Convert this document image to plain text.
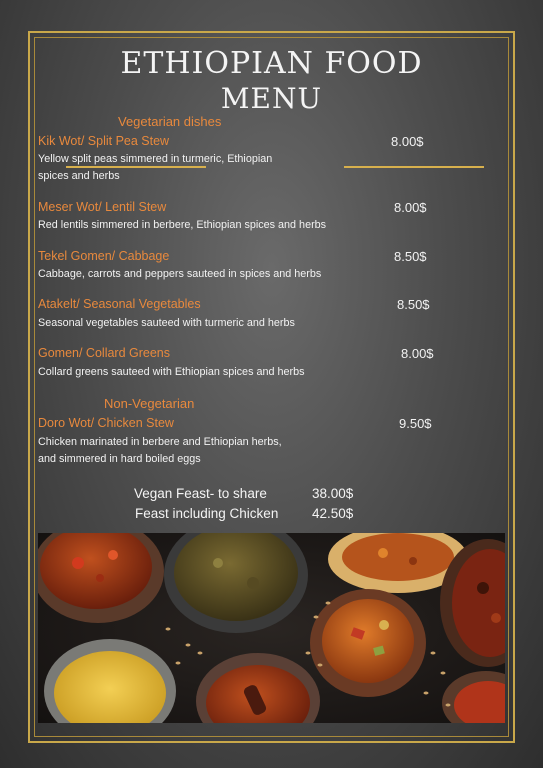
ETHIOPIAN FOOD
MENU
Vegetarian dishes
Kik Wot/ Split Pea Stew	8.00$
Yellow split peas simmered in turmeric, Ethiopian
spices and herbs
Meser Wot/ Lentil Stew	8.00$
Red lentils simmered in berbere, Ethiopian spices and herbs
Tekel Gomen/ Cabbage	8.50$
Cabbage, carrots and peppers sauteed in spices and herbs
Atakelt/ Seasonal Vegetables	8.50$
Seasonal vegetables sauteed with turmeric and herbs
Gomen/ Collard Greens	8.00$
Collard greens sauteed with Ethiopian spices and herbs
Non-Vegetarian
Doro Wot/ Chicken Stew	9.50$
Chicken marinated in berbere and Ethiopian herbs,
and simmered in hard boiled eggs
Vegan Feast- to share	38.00$
Feast including Chicken 42.50$
